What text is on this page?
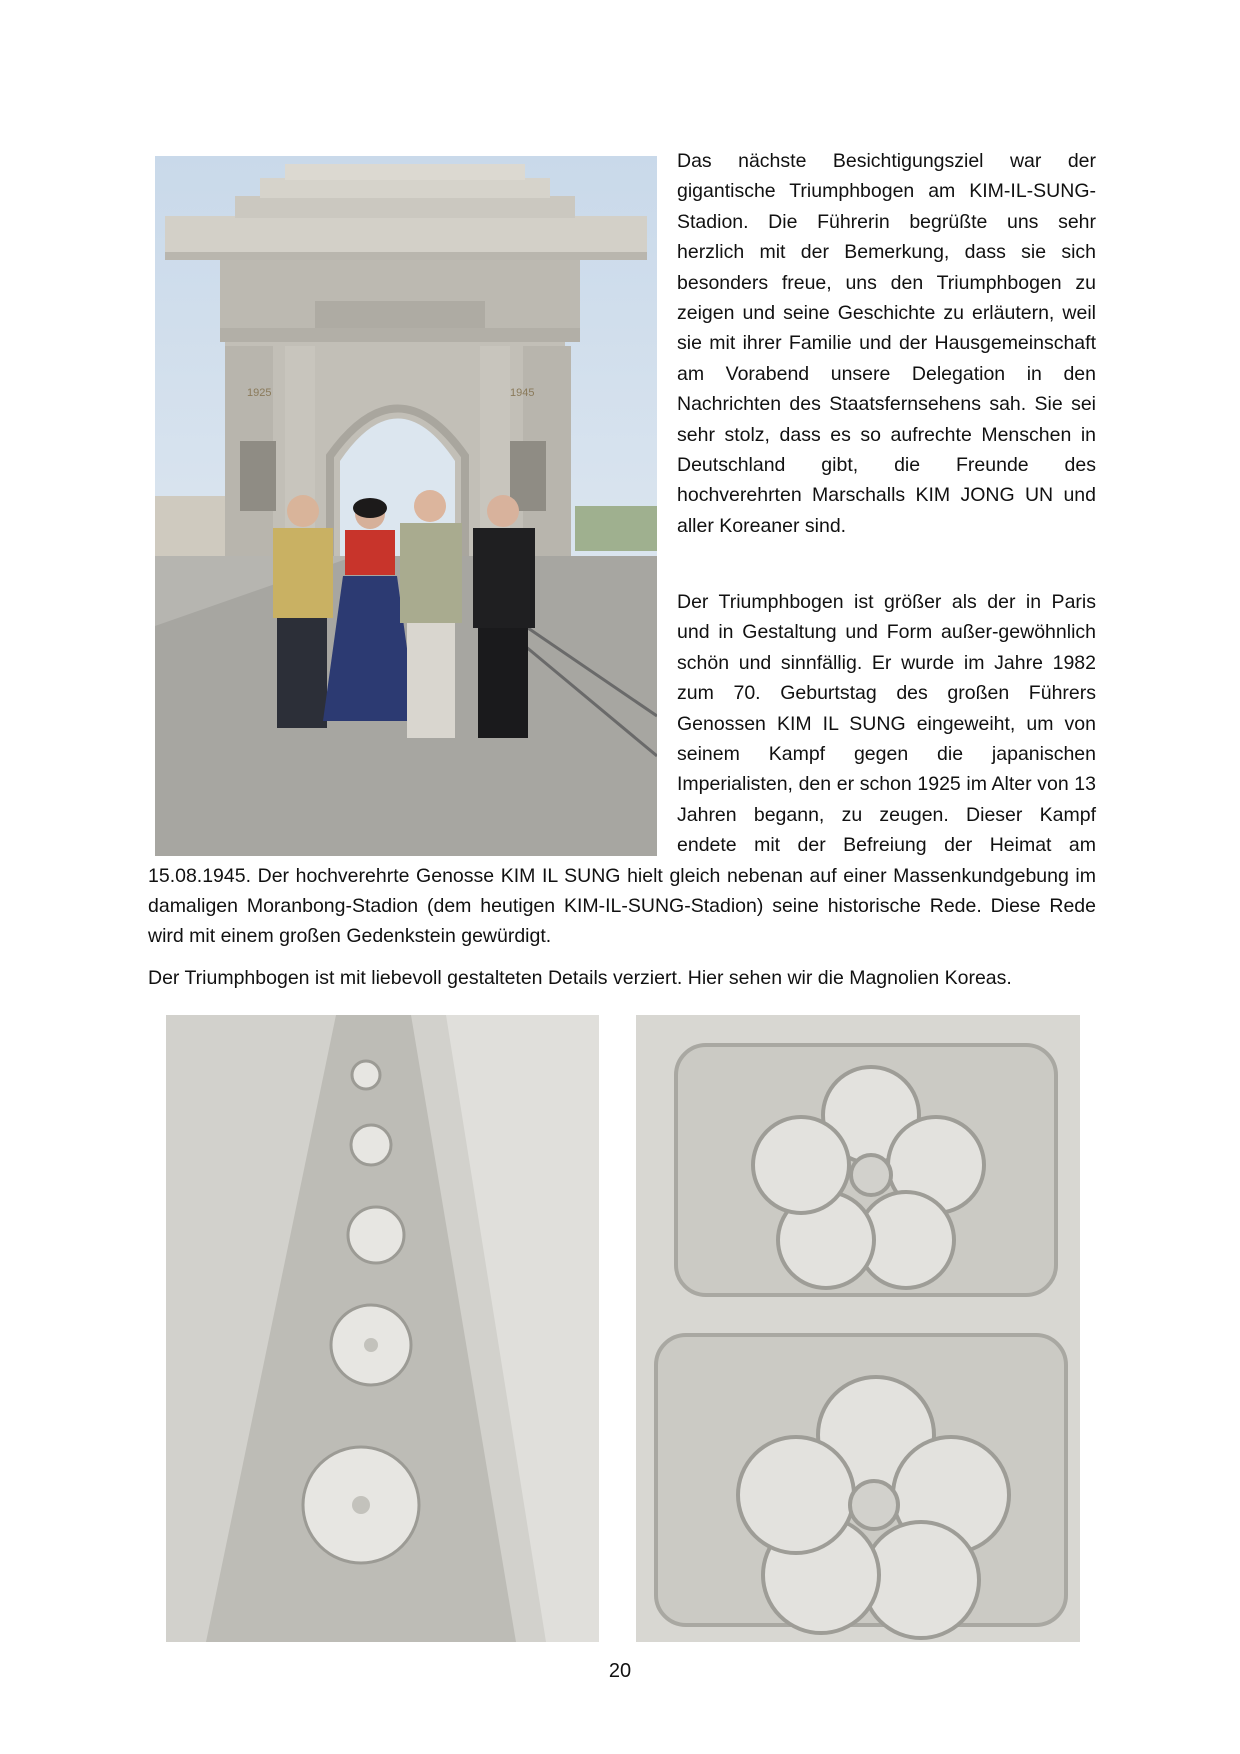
1925	1945
Das nächste Besichtigungsziel war der gigantische Triumphbogen am KIM-IL-SUNG-Stadion. Die Führerin begrüßte uns sehr herzlich mit der Bemerkung, dass sie sich besonders freue, uns den Triumphbogen zu zeigen und seine Geschichte zu erläutern, weil sie mit ihrer Familie und der Hausgemeinschaft am Vorabend unsere Delegation in den Nachrichten des Staatsfernsehens sah. Sie sei sehr stolz, dass es so aufrechte Menschen in Deutschland gibt, die Freunde des hochverehrten Marschalls KIM JONG UN und aller Koreaner sind.

Der Triumphbogen ist größer als der in Paris und in Gestaltung und Form außer-gewöhnlich schön und sinnfällig. Er wurde im Jahre 1982 zum 70. Geburtstag des großen Führers Genossen KIM IL SUNG eingeweiht, um von seinem Kampf gegen die japanischen Imperialisten, den er schon 1925 im Alter von 13 Jahren begann, zu zeugen. Dieser Kampf endete mit der Befreiung der Heimat am 15.08.1945. Der hochverehrte Genosse KIM IL SUNG hielt gleich nebenan auf einer Massenkundgebung im damaligen Moranbong-Stadion (dem heutigen KIM-IL-SUNG-Stadion) seine historische Rede. Diese Rede wird mit einem großen Gedenkstein gewürdigt.

Der Triumphbogen ist mit liebevoll gestalteten Details verziert. Hier sehen wir die Magnolien Koreas.

20
